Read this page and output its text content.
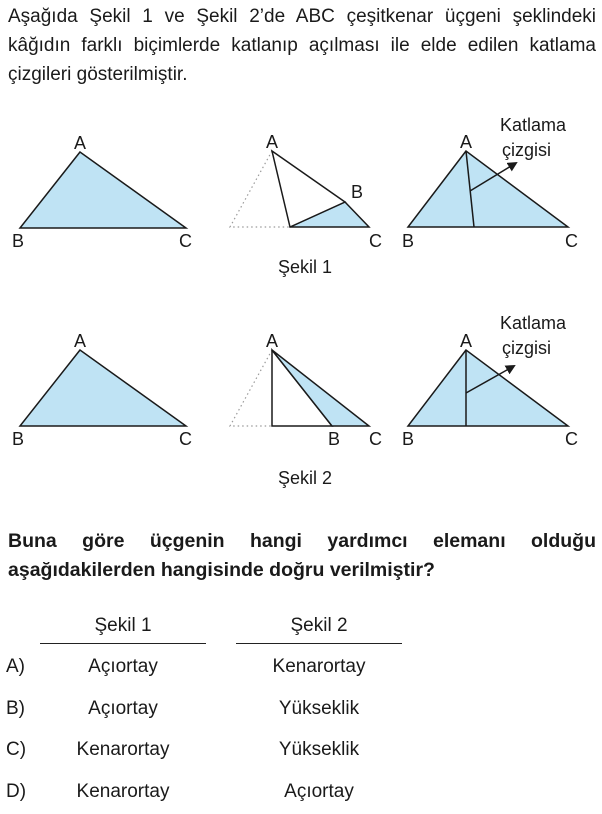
Aşağıda Şekil 1 ve Şekil 2’de ABC çeşitkenar üçgeni şeklindeki kâğıdın farklı biçimlerde katlanıp açılması ile elde edilen katlama çizgileri gösterilmiştir.
A
B	C
A
B
C
A
B	C
Katlama
çizgisi
Şekil 1
A
B	C
A
B C
A
B	C
Katlama
çizgisi
Şekil 2
Buna göre üçgenin hangi yardımcı elemanı olduğu aşağıdakilerden hangisinde doğru verilmiştir?
Şekil 1	Şekil 2
A)	Açıortay	Kenarortay
B)	Açıortay	Yükseklik
C)	Kenarortay	Yükseklik
D)	Kenarortay	Açıortay
